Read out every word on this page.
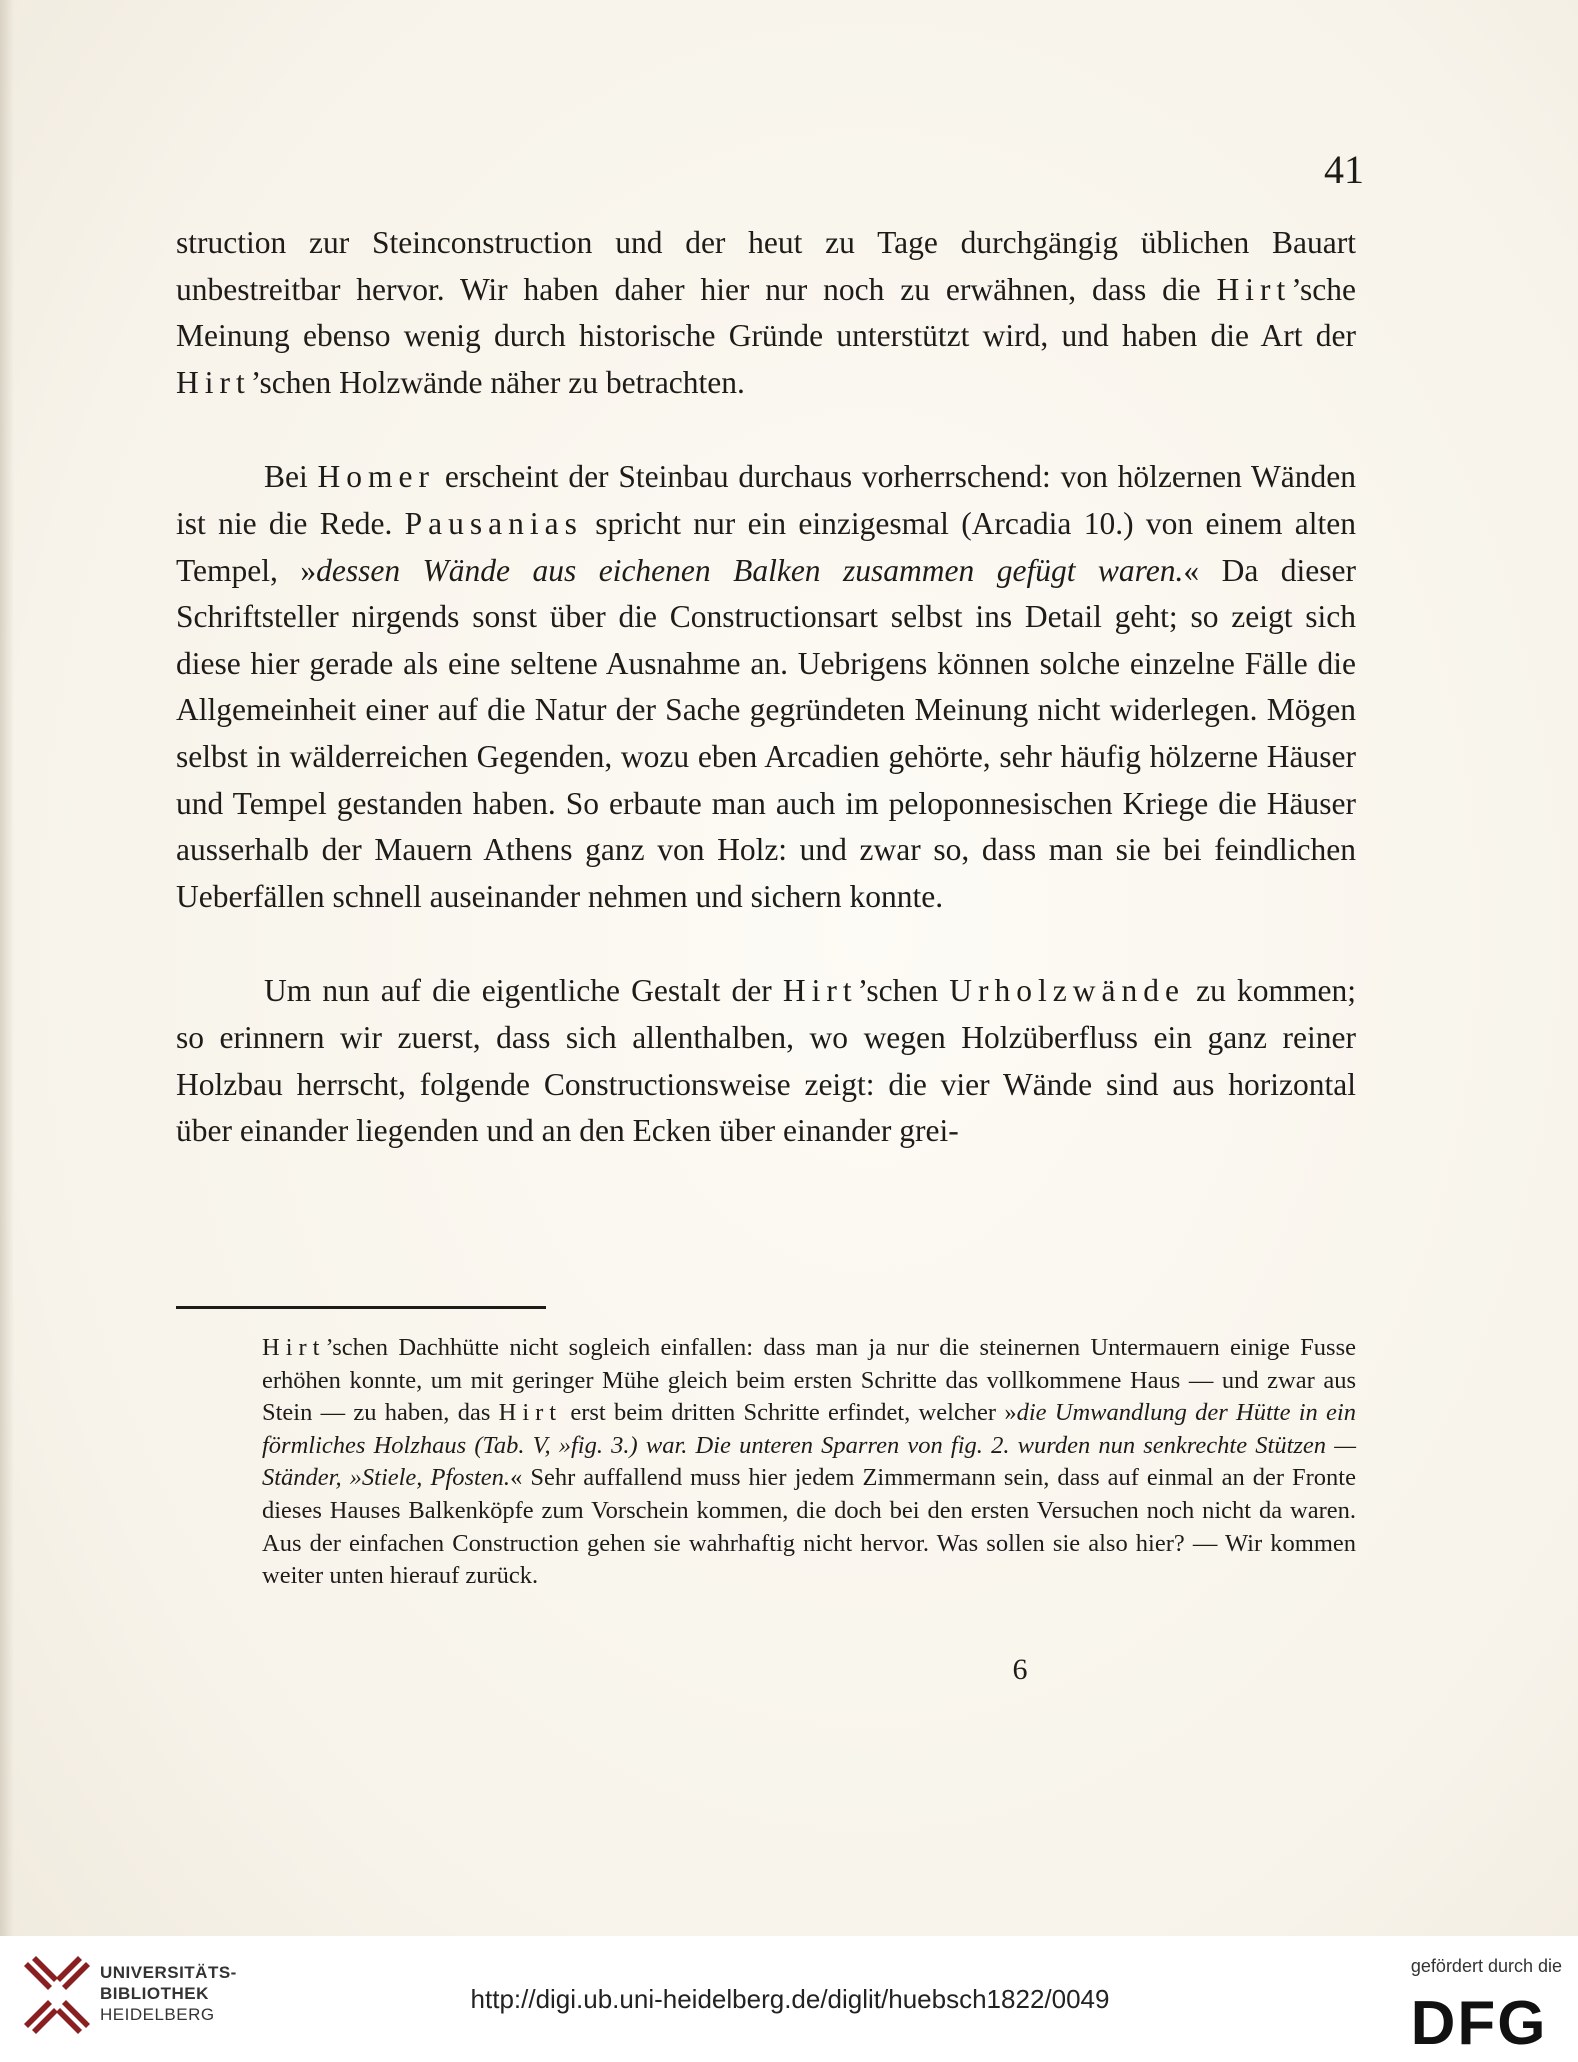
41

struction zur Steinconstruction und der heut zu Tage durchgängig üblichen Bauart unbestreitbar hervor. Wir haben daher hier nur noch zu erwähnen, dass die Hirt’sche Meinung ebenso wenig durch historische Gründe unterstützt wird, und haben die Art der Hirt’schen Holzwände näher zu betrachten.

Bei Homer erscheint der Steinbau durchaus vorherrschend: von hölzernen Wänden ist nie die Rede. Pausanias spricht nur ein einzigesmal (Arcadia 10.) von einem alten Tempel, »dessen Wände aus eichenen Balken zusammen gefügt waren.« Da dieser Schriftsteller nirgends sonst über die Constructionsart selbst ins Detail geht; so zeigt sich diese hier gerade als eine seltene Ausnahme an. Uebrigens können solche einzelne Fälle die Allgemeinheit einer auf die Natur der Sache gegründeten Meinung nicht widerlegen. Mögen selbst in wälderreichen Gegenden, wozu eben Arcadien gehörte, sehr häufig hölzerne Häuser und Tempel gestanden haben. So erbaute man auch im peloponnesischen Kriege die Häuser ausserhalb der Mauern Athens ganz von Holz: und zwar so, dass man sie bei feindlichen Ueberfällen schnell auseinander nehmen und sichern konnte.

Um nun auf die eigentliche Gestalt der Hirt’schen Urholzwände zu kommen; so erinnern wir zuerst, dass sich allenthalben, wo wegen Holzüberfluss ein ganz reiner Holzbau herrscht, folgende Constructionsweise zeigt: die vier Wände sind aus horizontal über einander liegenden und an den Ecken über einander grei-

Hirt’schen Dachhütte nicht sogleich einfallen: dass man ja nur die steinernen Untermauern einige Fusse erhöhen konnte, um mit geringer Mühe gleich beim ersten Schritte das vollkommene Haus — und zwar aus Stein — zu haben, das Hirt erst beim dritten Schritte erfindet, welcher »die Umwandlung der Hütte in ein förmliches Holzhaus (Tab. V, »fig. 3.) war. Die unteren Sparren von fig. 2. wurden nun senkrechte Stützen — Ständer, »Stiele, Pfosten.« Sehr auffallend muss hier jedem Zimmermann sein, dass auf einmal an der Fronte dieses Hauses Balkenköpfe zum Vorschein kommen, die doch bei den ersten Versuchen noch nicht da waren. Aus der einfachen Construction gehen sie wahrhaftig nicht hervor. Was sollen sie also hier? — Wir kommen weiter unten hierauf zurück.

6
UNIVERSITÄTS-
BIBLIOTHEK
HEIDELBERG
http://digi.ub.uni-heidelberg.de/diglit/huebsch1822/0049
gefördert durch die
DFG
